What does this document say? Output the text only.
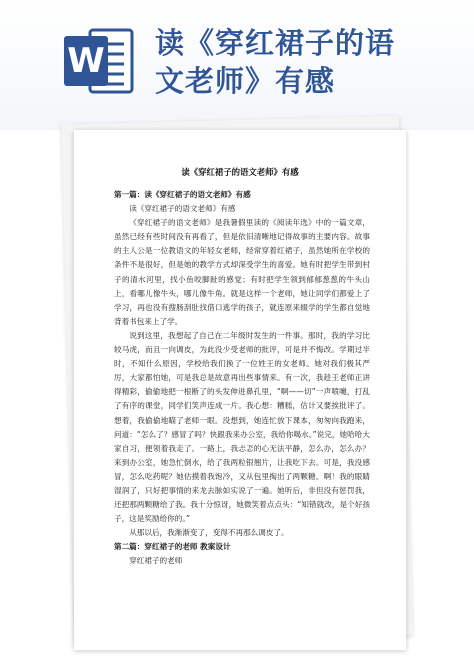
W 读《穿红裙子的语
文老师》有感
读《穿红裙子的语文老师》有感

第一篇：读《穿红裙子的语文老师》有感

读《穿红裙子的语文老师》有感

《穿红裙子的语文老师》是我暑假里读的《阅读年选》中的一篇文章，虽然已经有些时间没有再看了，但是依旧清晰地记得故事的主要内容。故事的主人公是一位教语文的年轻女老师，经常穿着红裙子，虽然她所在学校的条件不是很好，但是她的教学方式却深受学生的喜爱。她有时把学生带到村子的清水河里，找小鱼咬脚趾的感觉；有时把学生领到郁郁葱葱的牛头山上，看哪儿像牛头，哪儿像牛角。就是这样一个老师，她让同学们都爱上了学习，再也没有搜肠刮肚找借口逃学的孩子，就连原来辍学的学生都自觉地背着书包来上了学。

说到这里，我想起了自己在二年级时发生的一件事。那时，我的学习比较马虎，而且一向调皮，为此没少受老师的批评，可是并不悔改。学期过半时，不知什么原因，学校给我们换了一位姓王的女老师。她对我们极其严厉，大家都怕她，可是我总是故意再出些事情来。有一次，我趁王老师正讲得精彩，偷偷地把一根断了的头发伸进鼻孔里，“啊——切”一声喷嚏，打乱了有序的课堂，同学们笑声连成一片。我心想：糟糕，估计又要挨批评了。想着，我偷偷地瞄了老师一眼。没想到，她连忙放下课本，匆匆向我跑来，问道：“怎么了？感冒了吗？快跟我来办公室，我给你喝水。”说完，她哈哈大家自习，便领着我走了。一路上，我忐忑的心无法平静，怎么办，怎么办？来到办公室，她急忙倒水，给了我两粒银翘片，让我吃下去。可是，我没感冒，怎么吃药呢？她估摸着我饱冷，又从包里掏出了两颗糖。啊！我的眼睛湿润了，只好把事情的来龙去脉如实说了一遍。她听后，非但没有惩罚我，还把那两颗糖给了我。我十分惊讶，她微笑着点点头：“知错就改，是个好孩子，这是奖励给你的。”

从那以后，我渐渐变了，变得不再那么调皮了。

第二篇：穿红裙子的老师 教案设计

穿红裙子的老师
